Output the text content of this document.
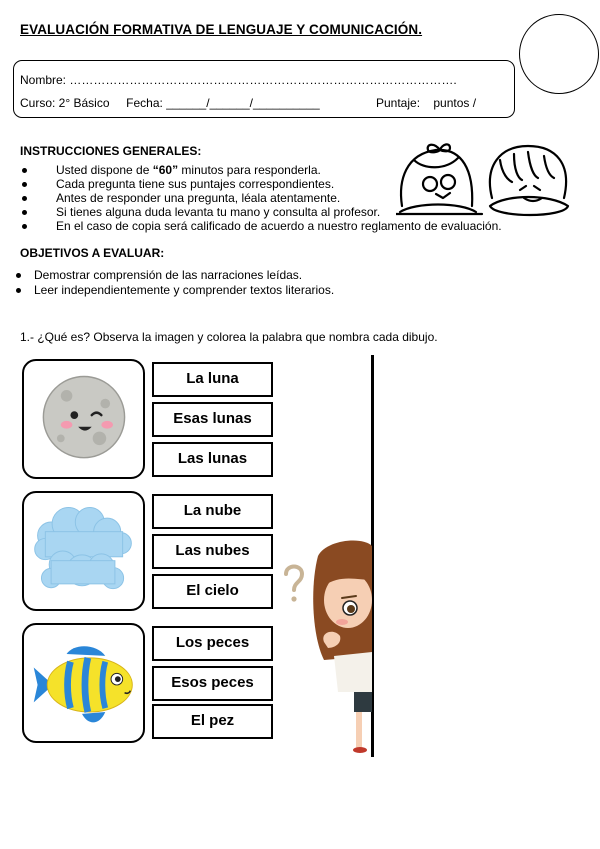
EVALUACIÓN FORMATIVA DE LENGUAJE Y COMUNICACIÓN.
Nombre: …………………………………………………………………………………….
Curso: 2° Básico     Fecha: ______/______/__________	Puntaje:    puntos /
INSTRUCCIONES GENERALES:
Usted dispone de “60” minutos para responderla.
Cada pregunta tiene sus puntajes correspondientes.
Antes de responder una pregunta, léala atentamente.
Si tienes alguna duda levanta tu mano y consulta al profesor.
En el caso de copia será calificado de acuerdo a nuestro reglamento de evaluación.
OBJETIVOS A EVALUAR:
Demostrar comprensión de las narraciones leídas.
Leer independientemente y comprender textos literarios.
1.- ¿Qué es? Observa la imagen y colorea la palabra que nombra cada dibujo.
La luna
Esas lunas
Las lunas
La nube
Las nubes
El cielo
Los peces
Esos peces
El pez
